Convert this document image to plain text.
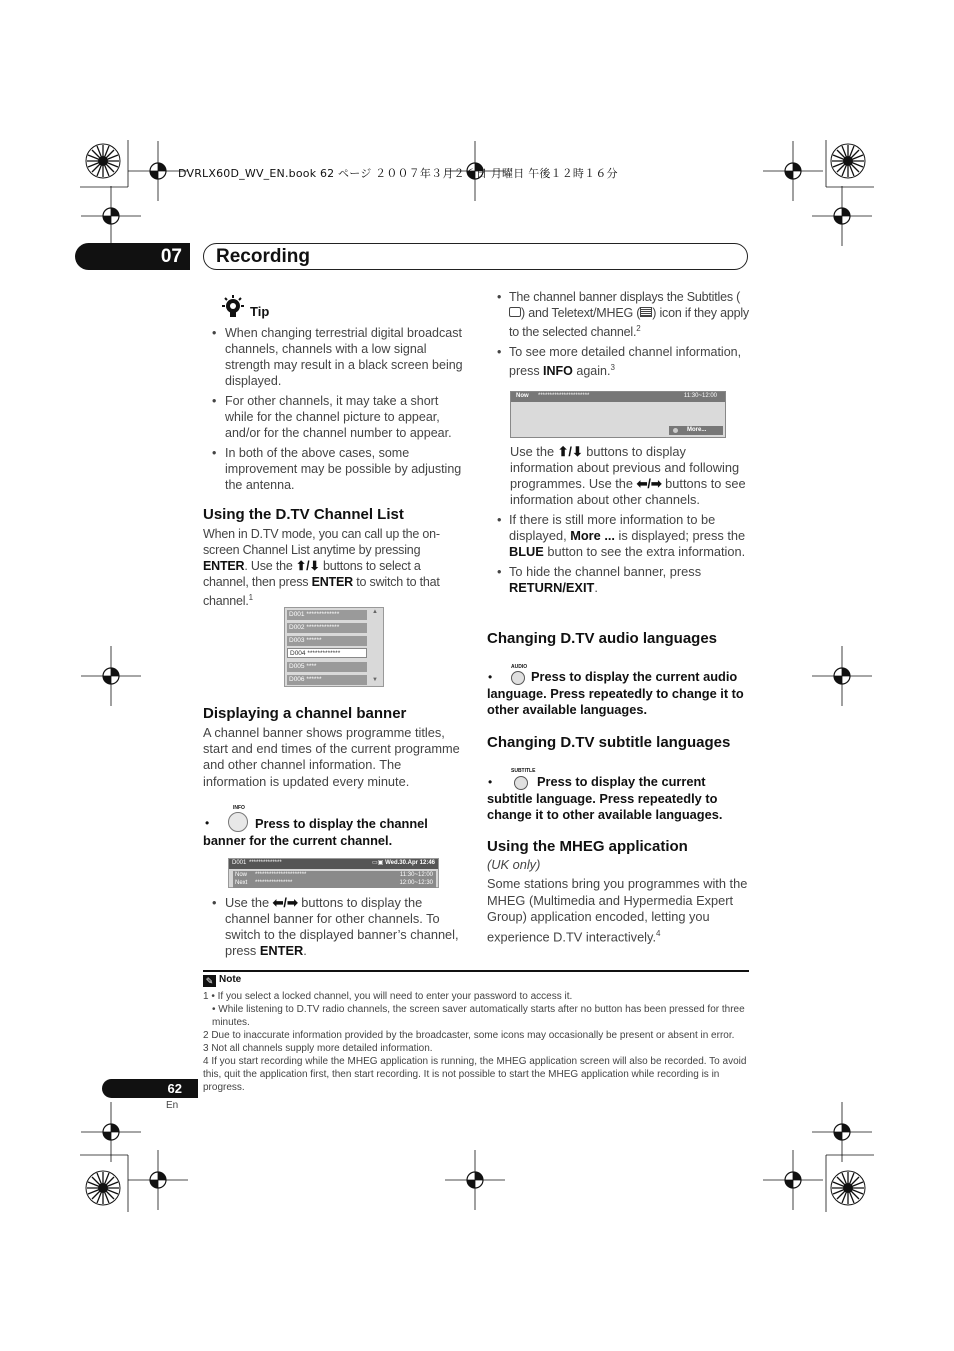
DVRLX60D_WV_EN.book 62 ページ ２００７年３月２６日 月曜日 午後１２時１６分
07	Recording
Tip

• When changing terrestrial digital broadcast channels, channels with a low signal strength may result in a black screen being displayed.

• For other channels, it may take a short while for the channel picture to appear, and/or for the channel number to appear.

• In both of the above cases, some improvement may be possible by adjusting the antenna.

Using the D.TV Channel List

When in D.TV mode, you can call up the on-screen Channel List anytime by pressing ENTER. Use the ⬆/⬇ buttons to select a channel, then press ENTER to switch to that channel.$^1$

D001 *************
D002 *************
D003 ******
D004 *************
D005 ****
D006 ******
▲
▼

Displaying a channel banner

A channel banner shows programme titles, start and end times of the current programme and other channel information. The information is updated every minute.

INFO
•	Press to display the channel banner for the current channel.
D001 **************	▭▣ Wed.30.Apr 12:46
Now **********************	11:30~12:00
Next ****************	12:00~12:30

• Use the ⬅/➡ buttons to display the channel banner for other channels. To switch to the displayed banner’s channel, press ENTER.

• The channel banner displays the Subtitles () and Teletext/MHEG ( ) icon if they apply to the selected channel.$^2$

• To see more detailed channel information, press INFO again.$^3$

Now **********************	11:30~12:00
More...

Use the ⬆/⬇ buttons to display information about previous and following programmes. Use the ⬅/➡ buttons to see information about other channels.

• If there is still more information to be displayed, More ... is displayed; press the BLUE button to see the extra information.

• To hide the channel banner, press RETURN/EXIT.

Changing D.TV audio languages

AUDIO
•	Press to display the current audio language. Press repeatedly to change it to other available languages.

Changing D.TV subtitle languages

SUBTITLE
•	Press to display the current subtitle language. Press repeatedly to change it to other available languages.

Using the MHEG application

(UK only)

Some stations bring you programmes with the MHEG (Multimedia and Hypermedia Expert Group) application encoded, letting you experience D.TV interactively.$^4$

✎ Note

1 • If you select a locked channel, you will need to enter your password to access it.

• While listening to D.TV radio channels, the screen saver automatically starts after no button has been pressed for three minutes.

2 Due to inaccurate information provided by the broadcaster, some icons may occasionally be present or absent in error.

3 Not all channels supply more detailed information.

4 If you start recording while the MHEG application is running, the MHEG application screen will also be recorded. To avoid this, quit the application first, then start recording. It is not possible to start the MHEG application while recording is in progress.

62
En
